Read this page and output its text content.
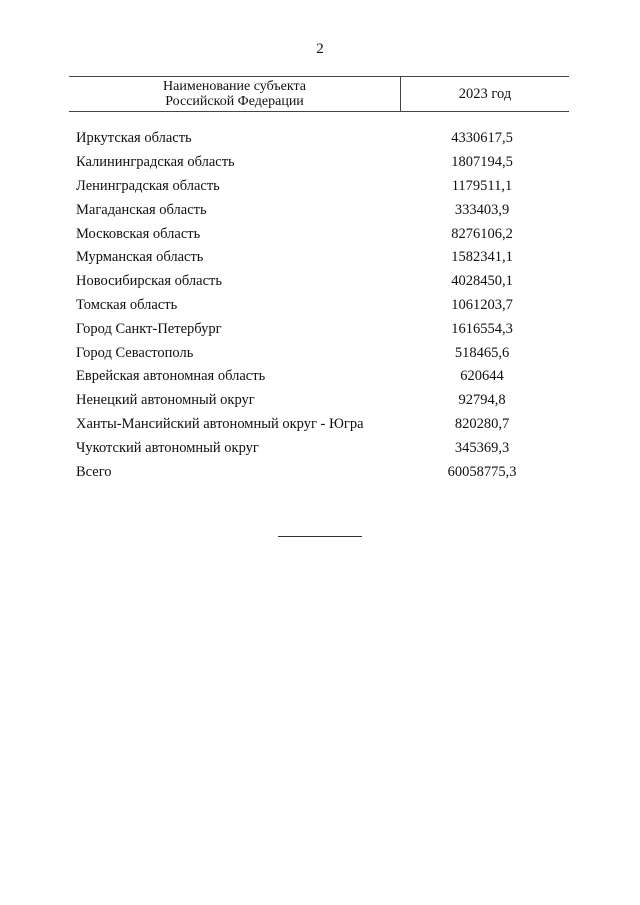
2
Наименование субъекта
Российской Федерации	2023 год
Иркутская область	4330617,5
Калининградская область	1807194,5
Ленинградская область	1179511,1
Магаданская область	333403,9
Московская область	8276106,2
Мурманская область	1582341,1
Новосибирская область	4028450,1
Томская область	1061203,7
Город Санкт-Петербург	1616554,3
Город Севастополь	518465,6
Еврейская автономная область	620644
Ненецкий автономный округ	92794,8
Ханты-Мансийский автономный округ - Югра	820280,7
Чукотский автономный округ	345369,3
Всего	60058775,3
